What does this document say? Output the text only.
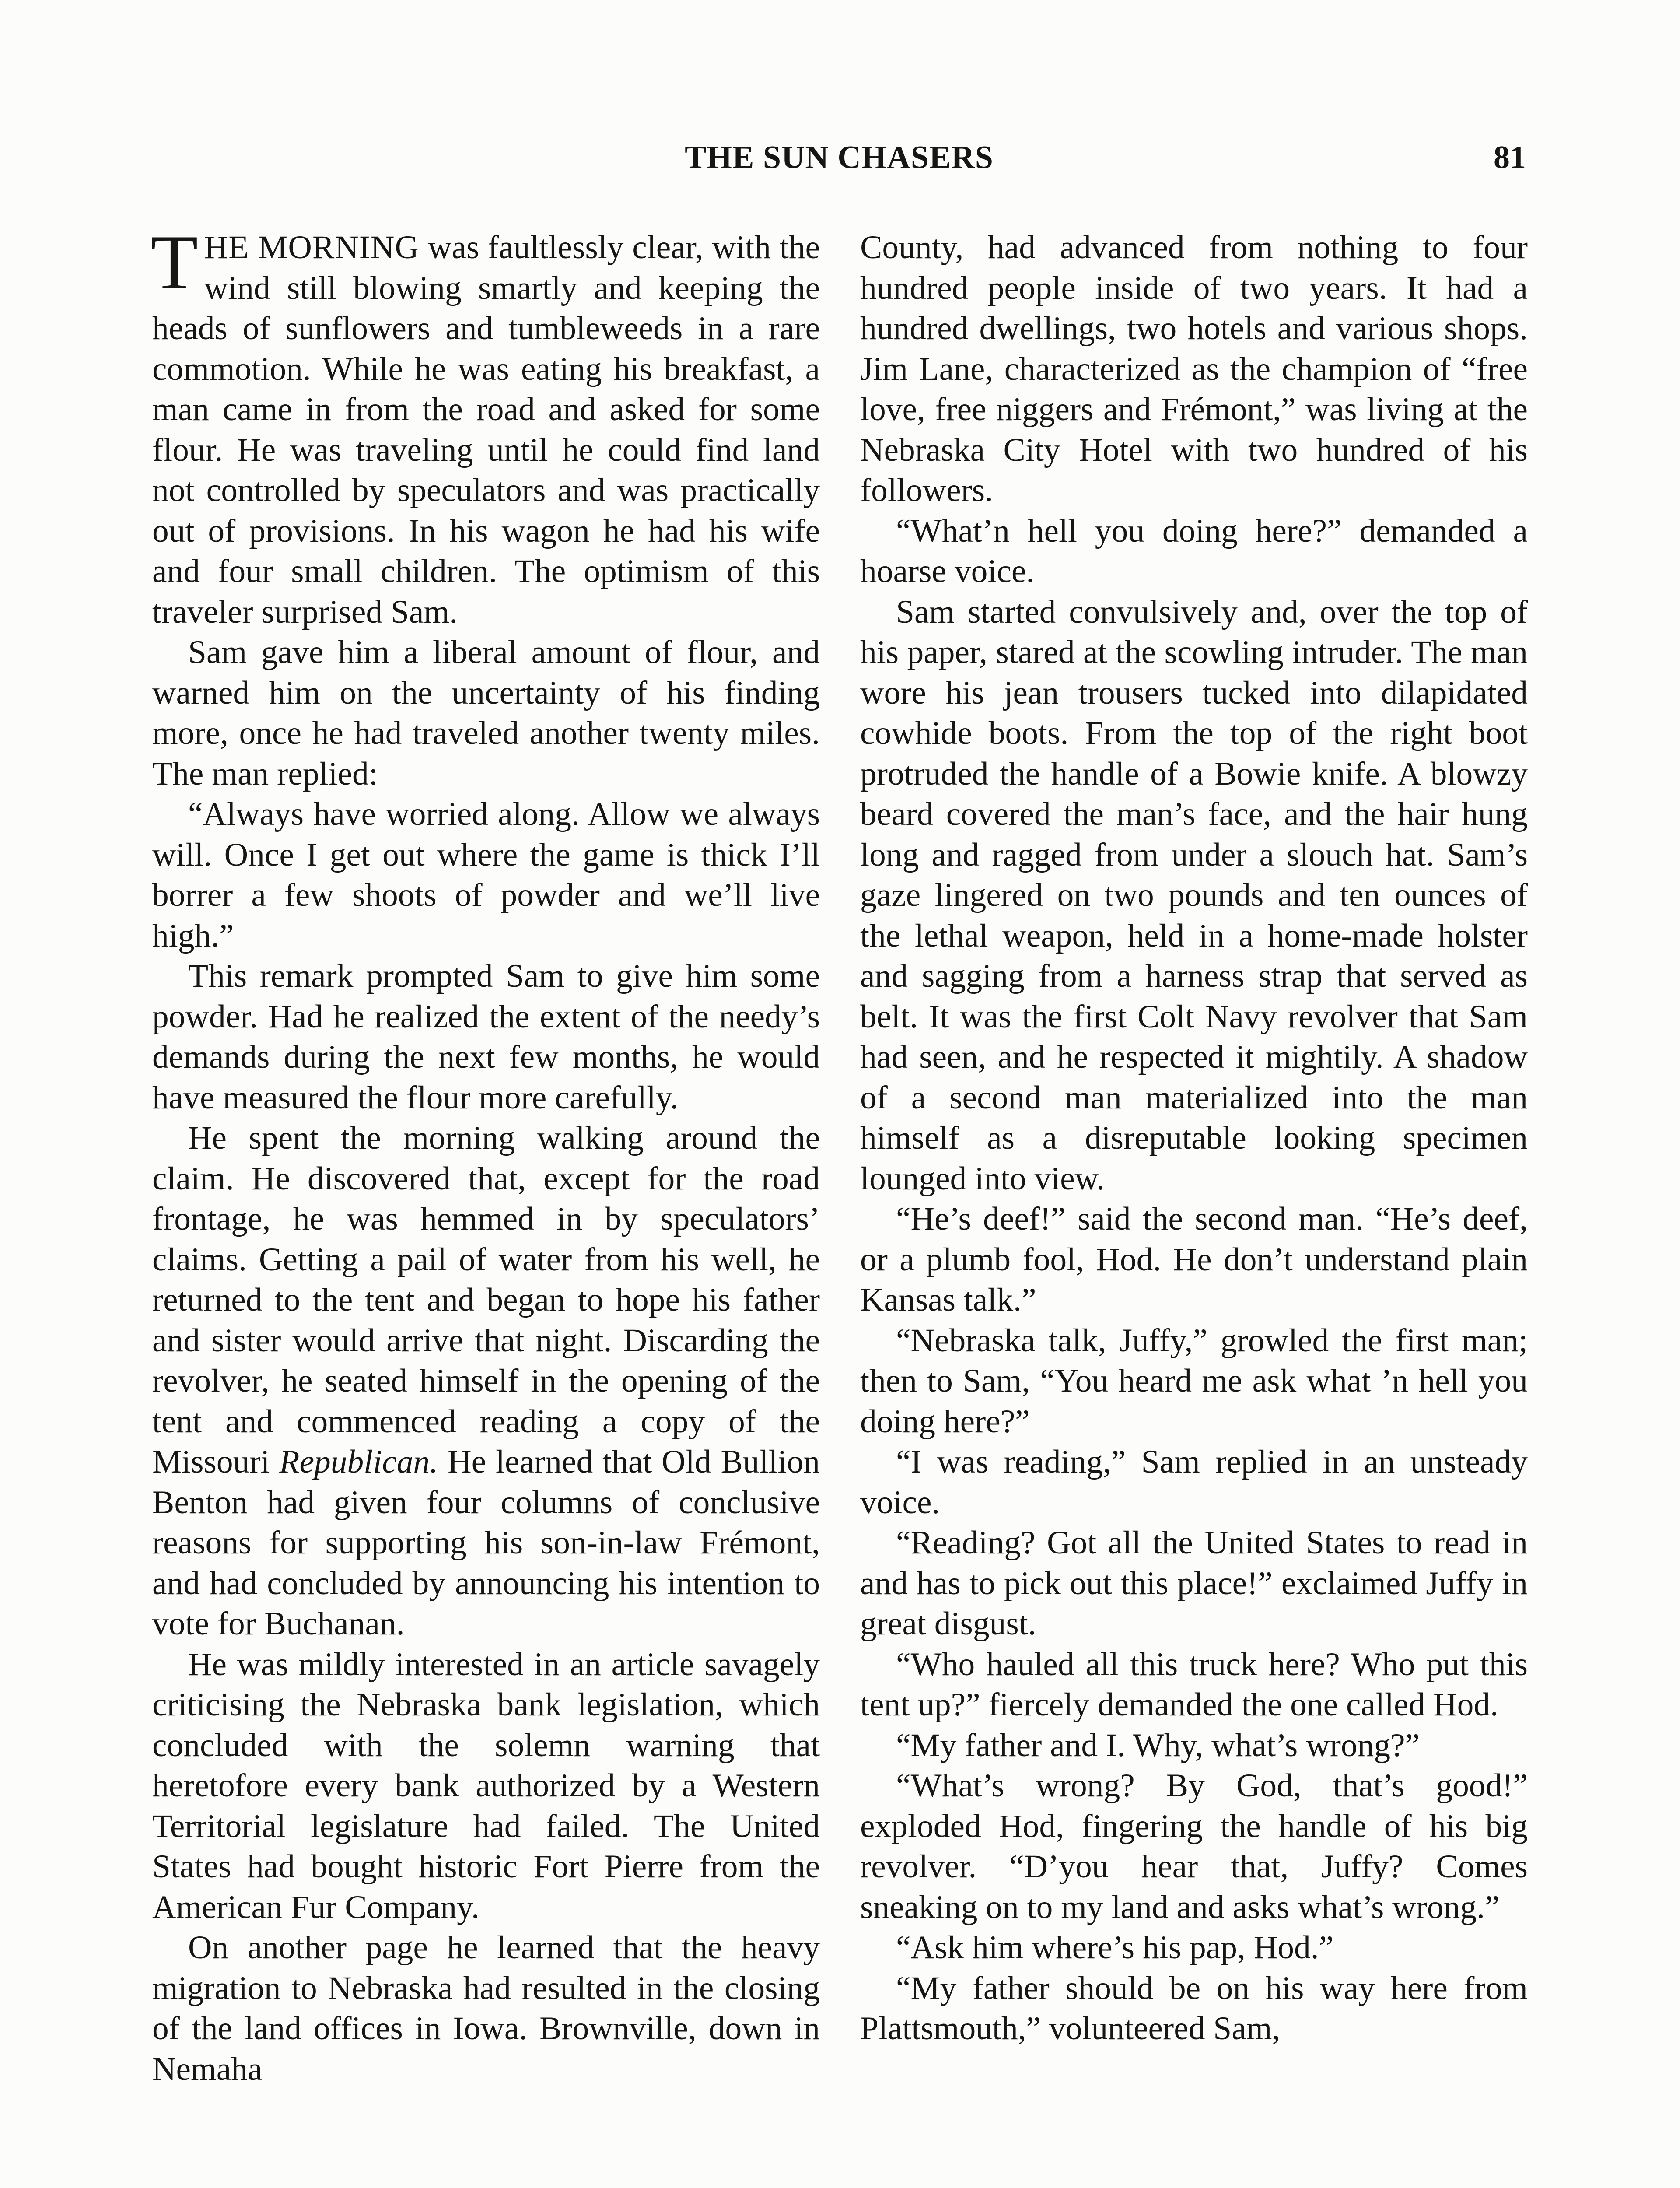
THE SUN CHASERS	81

THE MORNING was faultlessly clear, with the wind still blowing smartly and keeping the heads of sunflowers and tumbleweeds in a rare commotion. While he was eating his breakfast, a man came in from the road and asked for some flour. He was traveling until he could find land not controlled by speculators and was practically out of provisions. In his wagon he had his wife and four small children. The optimism of this traveler surprised Sam.

Sam gave him a liberal amount of flour, and warned him on the uncertainty of his finding more, once he had traveled another twenty miles. The man replied:

“Always have worried along. Allow we always will. Once I get out where the game is thick I’ll borrer a few shoots of powder and we’ll live high.”

This remark prompted Sam to give him some powder. Had he realized the extent of the needy’s demands during the next few months, he would have measured the flour more carefully.

He spent the morning walking around the claim. He discovered that, except for the road frontage, he was hemmed in by speculators’ claims. Getting a pail of water from his well, he returned to the tent and began to hope his father and sister would arrive that night. Discarding the revolver, he seated himself in the opening of the tent and commenced reading a copy of the Missouri Republican. He learned that Old Bullion Benton had given four columns of conclusive reasons for supporting his son-in-law Frémont, and had concluded by announcing his intention to vote for Buchanan.

He was mildly interested in an article savagely criticising the Nebraska bank legislation, which concluded with the solemn warning that heretofore every bank authorized by a Western Territorial legislature had failed. The United States had bought historic Fort Pierre from the American Fur Company.

On another page he learned that the heavy migration to Nebraska had resulted in the closing of the land offices in Iowa. Brownville, down in Nemaha

County, had advanced from nothing to four hundred people inside of two years. It had a hundred dwellings, two hotels and various shops. Jim Lane, characterized as the champion of “free love, free niggers and Frémont,” was living at the Nebraska City Hotel with two hundred of his followers.

“What’n hell you doing here?” demanded a hoarse voice.

Sam started convulsively and, over the top of his paper, stared at the scowling intruder. The man wore his jean trousers tucked into dilapidated cowhide boots. From the top of the right boot protruded the handle of a Bowie knife. A blowzy beard covered the man’s face, and the hair hung long and ragged from under a slouch hat. Sam’s gaze lingered on two pounds and ten ounces of the lethal weapon, held in a home-made holster and sagging from a harness strap that served as belt. It was the first Colt Navy revolver that Sam had seen, and he respected it mightily. A shadow of a second man materialized into the man himself as a disreputable looking specimen lounged into view.

“He’s deef!” said the second man. “He’s deef, or a plumb fool, Hod. He don’t understand plain Kansas talk.”

“Nebraska talk, Juffy,” growled the first man; then to Sam, “You heard me ask what ’n hell you doing here?”

“I was reading,” Sam replied in an unsteady voice.

“Reading? Got all the United States to read in and has to pick out this place!” exclaimed Juffy in great disgust.

“Who hauled all this truck here? Who put this tent up?” fiercely demanded the one called Hod.

“My father and I. Why, what’s wrong?”

“What’s wrong? By God, that’s good!” exploded Hod, fingering the handle of his big revolver. “D’you hear that, Juffy? Comes sneaking on to my land and asks what’s wrong.”

“Ask him where’s his pap, Hod.”

“My father should be on his way here from Plattsmouth,” volunteered Sam,
